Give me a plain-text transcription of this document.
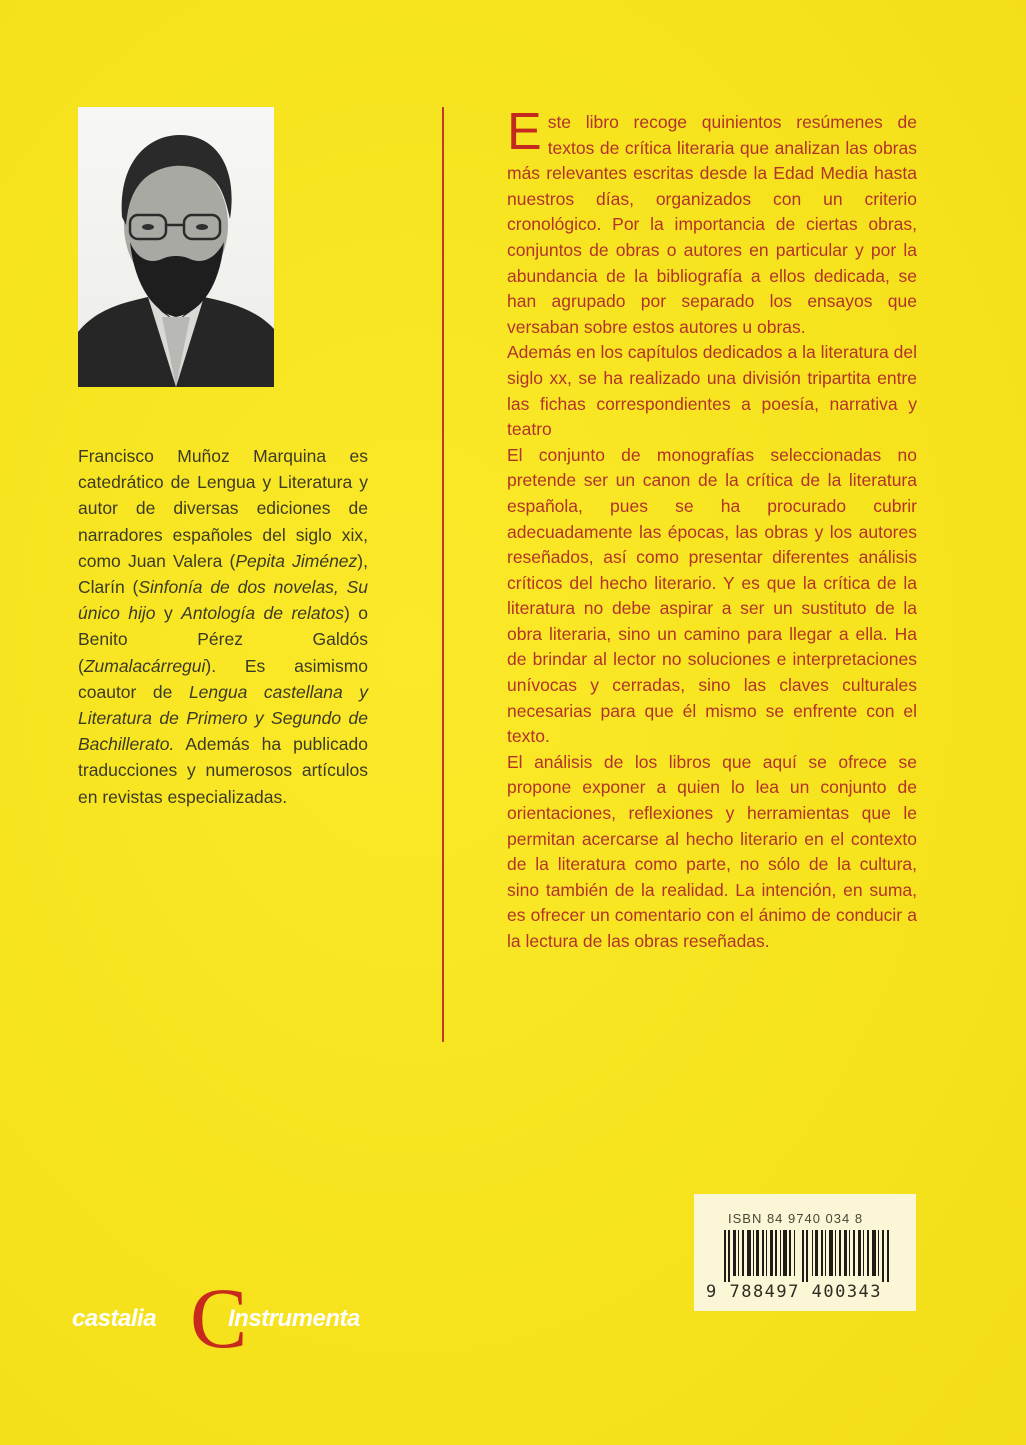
Francisco Muñoz Marquina es catedrático de Lengua y Literatura y autor de diversas ediciones de narradores españoles del siglo xix, como Juan Valera (Pepita Jiménez), Clarín (Sinfonía de dos novelas, Su único hijo y Antología de relatos) o Benito Pérez Galdós (Zumalacárregui). Es asimismo coautor de Lengua castellana y Literatura de Primero y Segundo de Bachillerato. Además ha publicado traducciones y numerosos artículos en revistas especializadas.

Este libro recoge quinientos resúmenes de textos de crítica literaria que analizan las obras más relevantes escritas desde la Edad Media hasta nuestros días, organizados con un criterio cronológico. Por la importancia de ciertas obras, conjuntos de obras o autores en particular y por la abundancia de la bibliografía a ellos dedicada, se han agrupado por separado los ensayos que versaban sobre estos autores u obras.

Además en los capítulos dedicados a la literatura del siglo xx, se ha realizado una división tripartita entre las fichas correspondientes a poesía, narrativa y teatro

El conjunto de monografías seleccionadas no pretende ser un canon de la crítica de la literatura española, pues se ha procurado cubrir adecuadamente las épocas, las obras y los autores reseñados, así como presentar diferentes análisis críticos del hecho literario. Y es que la crítica de la literatura no debe aspirar a ser un sustituto de la obra literaria, sino un camino para llegar a ella. Ha de brindar al lector no soluciones e interpretaciones unívocas y cerradas, sino las claves culturales necesarias para que él mismo se enfrente con el texto.

El análisis de los libros que aquí se ofrece se propone exponer a quien lo lea un conjunto de orientaciones, reflexiones y herramientas que le permitan acercarse al hecho literario en el contexto de la literatura como parte, no sólo de la cultura, sino también de la realidad. La intención, en suma, es ofrecer un comentario con el ánimo de conducir a la lectura de las obras reseñadas.

castalia C
Instrumenta
ISBN 84 9740 034 8
9 788497 400343
